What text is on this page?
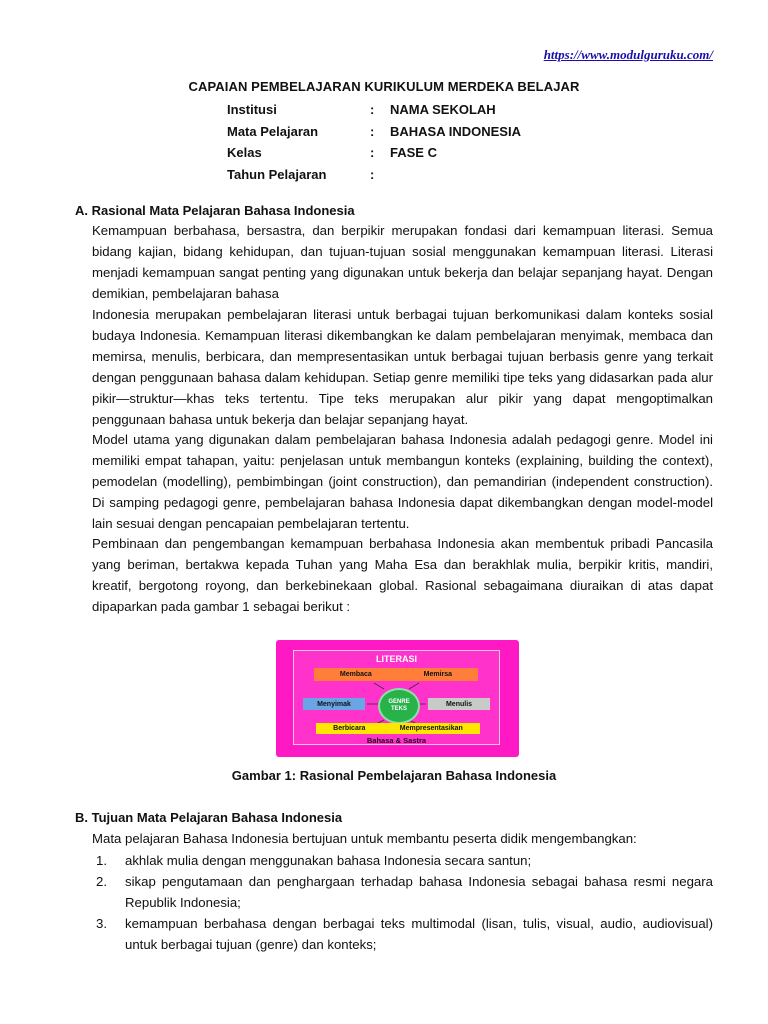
https://www.modulguruku.com/
CAPAIAN PEMBELAJARAN KURIKULUM MERDEKA BELAJAR
Institusi	:	NAMA SEKOLAH
Mata Pelajaran	:	BAHASA INDONESIA
Kelas	:	FASE C
Tahun Pelajaran	:
A. Rasional Mata Pelajaran Bahasa Indonesia

Kemampuan berbahasa, bersastra, dan berpikir merupakan fondasi dari kemampuan literasi. Semua bidang kajian, bidang kehidupan, dan tujuan-tujuan sosial menggunakan kemampuan literasi. Literasi menjadi kemampuan sangat penting yang digunakan untuk bekerja dan belajar sepanjang hayat. Dengan demikian, pembelajaran bahasa

Indonesia merupakan pembelajaran literasi untuk berbagai tujuan berkomunikasi dalam konteks sosial budaya Indonesia. Kemampuan literasi dikembangkan ke dalam pembelajaran menyimak, membaca dan memirsa, menulis, berbicara, dan mempresentasikan untuk berbagai tujuan berbasis genre yang terkait dengan penggunaan bahasa dalam kehidupan. Setiap genre memiliki tipe teks yang didasarkan pada alur pikir—struktur—khas teks tertentu. Tipe teks merupakan alur pikir yang dapat mengoptimalkan penggunaan bahasa untuk bekerja dan belajar sepanjang hayat.

Model utama yang digunakan dalam pembelajaran bahasa Indonesia adalah pedagogi genre. Model ini memiliki empat tahapan, yaitu: penjelasan untuk membangun konteks (explaining, building the context), pemodelan (modelling), pembimbingan (joint construction), dan pemandirian (independent construction). Di samping pedagogi genre, pembelajaran bahasa Indonesia dapat dikembangkan dengan model-model lain sesuai dengan pencapaian pembelajaran tertentu.

Pembinaan dan pengembangan kemampuan berbahasa Indonesia akan membentuk pribadi Pancasila yang beriman, bertakwa kepada Tuhan yang Maha Esa dan berakhlak mulia, berpikir kritis, mandiri, kreatif, bergotong royong, dan berkebinekaan global. Rasional sebagaimana diuraikan di atas dapat dipaparkan pada gambar 1 sebagai berikut :

LITERASI
Membaca	Memirsa
Menyimak	Menulis
GENRE
TEKS
Berbicara	Mempresentasikan
Bahasa & Sastra
Gambar 1: Rasional Pembelajaran Bahasa Indonesia
B. Tujuan Mata Pelajaran Bahasa Indonesia

Mata pelajaran Bahasa Indonesia bertujuan untuk membantu peserta didik mengembangkan:

1.	akhlak mulia dengan menggunakan bahasa Indonesia secara santun;
2.	sikap pengutamaan dan penghargaan terhadap bahasa Indonesia sebagai bahasa resmi negara Republik Indonesia;
3.	kemampuan berbahasa dengan berbagai teks multimodal (lisan, tulis, visual, audio, audiovisual) untuk berbagai tujuan (genre) dan konteks;
